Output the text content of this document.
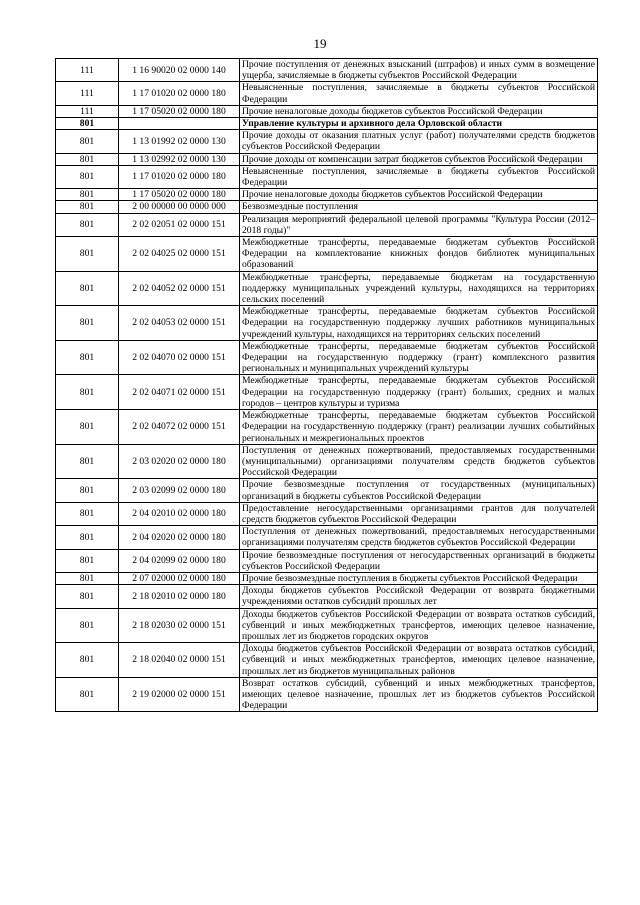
19
111	1 16 90020 02 0000 140	Прочие поступления от денежных взысканий (штрафов) и иных сумм в возмещение ущерба, зачисляемые в бюджеты субъектов Российской Федерации
111	1 17 01020 02 0000 180	Невыясненные поступления, зачисляемые в бюджеты субъектов Российской Федерации
111	1 17 05020 02 0000 180	Прочие неналоговые доходы бюджетов субъектов Российской Федерации
801		Управление культуры и архивного дела Орловской области
801	1 13 01992 02 0000 130	Прочие доходы от оказания платных услуг (работ) получателями средств бюджетов субъектов Российской Федерации
801	1 13 02992 02 0000 130	Прочие доходы от компенсации затрат бюджетов субъектов Российской Федерации
801	1 17 01020 02 0000 180	Невыясненные поступления, зачисляемые в бюджеты субъектов Российской Федерации
801	1 17 05020 02 0000 180	Прочие неналоговые доходы бюджетов субъектов Российской Федерации
801	2 00 00000 00 0000 000	Безвозмездные поступления
801	2 02 02051 02 0000 151	Реализация мероприятий федеральной целевой программы "Культура России (2012–2018 годы)"
801	2 02 04025 02 0000 151	Межбюджетные трансферты, передаваемые бюджетам субъектов Российской Федерации на комплектование книжных фондов библиотек муниципальных образований
801	2 02 04052 02 0000 151	Межбюджетные трансферты, передаваемые бюджетам на государственную поддержку муниципальных учреждений культуры, находящихся на территориях сельских поселений
801	2 02 04053 02 0000 151	Межбюджетные трансферты, передаваемые бюджетам субъектов Российской Федерации на государственную поддержку лучших работников муниципальных учреждений культуры, находящихся на территориях сельских поселений
801	2 02 04070 02 0000 151	Межбюджетные трансферты, передаваемые бюджетам субъектов Российской Федерации на государственную поддержку (грант) комплексного развития региональных и муниципальных учреждений культуры
801	2 02 04071 02 0000 151	Межбюджетные трансферты, передаваемые бюджетам субъектов Российской Федерации на государственную поддержку (грант) больших, средних и малых городов – центров культуры и туризма
801	2 02 04072 02 0000 151	Межбюджетные трансферты, передаваемые бюджетам субъектов Российской Федерации на государственную поддержку (грант) реализации лучших событийных региональных и межрегиональных проектов
801	2 03 02020 02 0000 180	Поступления от денежных пожертвований, предоставляемых государственными (муниципальными) организациями получателям средств бюджетов субъектов Российской Федерации
801	2 03 02099 02 0000 180	Прочие безвозмездные поступления от государственных (муниципальных) организаций в бюджеты субъектов Российской Федерации
801	2 04 02010 02 0000 180	Предоставление негосударственными организациями грантов для получателей средств бюджетов субъектов Российской Федерации
801	2 04 02020 02 0000 180	Поступления от денежных пожертвований, предоставляемых негосударственными организациями получателям средств бюджетов субъектов Российской Федерации
801	2 04 02099 02 0000 180	Прочие безвозмездные поступления от негосударственных организаций в бюджеты субъектов Российской Федерации
801	2 07 02000 02 0000 180	Прочие безвозмездные поступления в бюджеты субъектов Российской Федерации
801	2 18 02010 02 0000 180	Доходы бюджетов субъектов Российской Федерации от возврата бюджетными учреждениями остатков субсидий прошлых лет
801	2 18 02030 02 0000 151	Доходы бюджетов субъектов Российской Федерации от возврата остатков субсидий, субвенций и иных межбюджетных трансфертов, имеющих целевое назначение, прошлых лет из бюджетов городских округов
801	2 18 02040 02 0000 151	Доходы бюджетов субъектов Российской Федерации от возврата остатков субсидий, субвенций и иных межбюджетных трансфертов, имеющих целевое назначение, прошлых лет из бюджетов муниципальных районов
801	2 19 02000 02 0000 151	Возврат остатков субсидий, субвенций и иных межбюджетных трансфертов, имеющих целевое назначение, прошлых лет из бюджетов субъектов Российской Федерации
